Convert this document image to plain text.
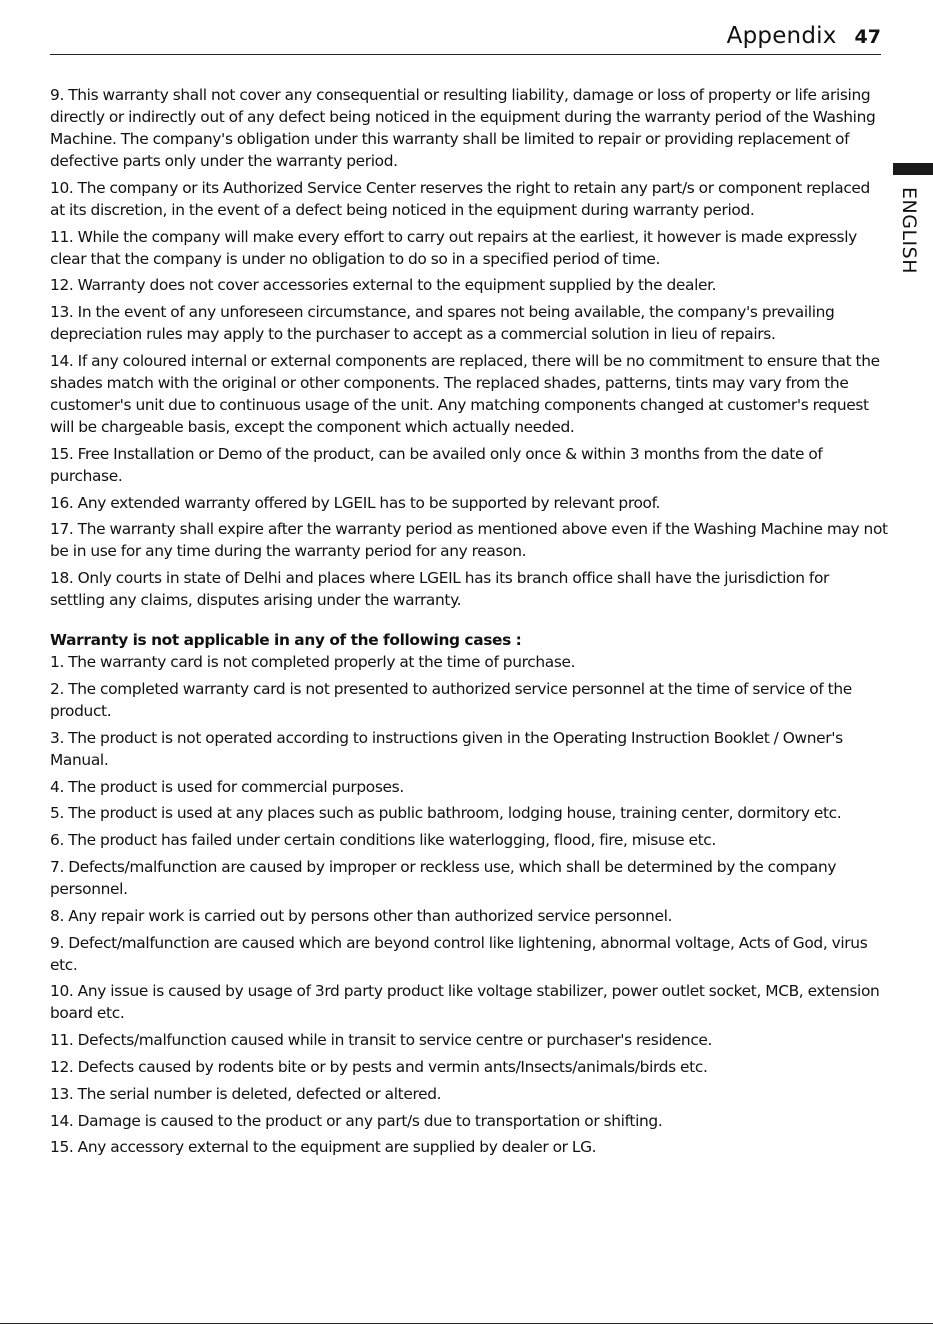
Appendix 47
ENGLISH

9. This warranty shall not cover any consequential or resulting liability, damage or loss of property or life arising directly or indirectly out of any defect being noticed in the equipment during the warranty period of the Washing Machine. The company's obligation under this warranty shall be limited to repair or providing replacement of defective parts only under the warranty period.

10. The company or its Authorized Service Center reserves the right to retain any part/s or component replaced at its discretion, in the event of a defect being noticed in the equipment during warranty period.

11. While the company will make every effort to carry out repairs at the earliest, it however is made expressly clear that the company is under no obligation to do so in a specified period of time.

12. Warranty does not cover accessories external to the equipment supplied by the dealer.

13. In the event of any unforeseen circumstance, and spares not being available, the company's prevailing depreciation rules may apply to the purchaser to accept as a commercial solution in lieu of repairs.

14. If any coloured internal or external components are replaced, there will be no commitment to ensure that the shades match with the original or other components. The replaced shades, patterns, tints may vary from the customer's unit due to continuous usage of the unit. Any matching components changed at customer's request will be chargeable basis, except the component which actually needed.

15. Free Installation or Demo of the product, can be availed only once & within 3 months from the date of purchase.

16. Any extended warranty offered by LGEIL has to be supported by relevant proof.

17. The warranty shall expire after the warranty period as mentioned above even if the Washing Machine may not be in use for any time during the warranty period for any reason.

18. Only courts in state of Delhi and places where LGEIL has its branch office shall have the jurisdiction for settling any claims, disputes arising under the warranty.

Warranty is not applicable in any of the following cases :

1. The warranty card is not completed properly at the time of purchase.

2. The completed warranty card is not presented to authorized service personnel at the time of service of the product.

3. The product is not operated according to instructions given in the Operating Instruction Booklet / Owner's Manual.

4. The product is used for commercial purposes.

5. The product is used at any places such as public bathroom, lodging house, training center, dormitory etc.

6. The product has failed under certain conditions like waterlogging, flood, fire, misuse etc.

7. Defects/malfunction are caused by improper or reckless use, which shall be determined by the company personnel.

8. Any repair work is carried out by persons other than authorized service personnel.

9. Defect/malfunction are caused which are beyond control like lightening, abnormal voltage, Acts of God, virus etc.

10. Any issue is caused by usage of 3rd party product like voltage stabilizer, power outlet socket, MCB, extension board etc.

11. Defects/malfunction caused while in transit to service centre or purchaser's residence.

12. Defects caused by rodents bite or by pests and vermin ants/Insects/animals/birds etc.

13. The serial number is deleted, defected or altered.

14. Damage is caused to the product or any part/s due to transportation or shifting.

15. Any accessory external to the equipment are supplied by dealer or LG.
